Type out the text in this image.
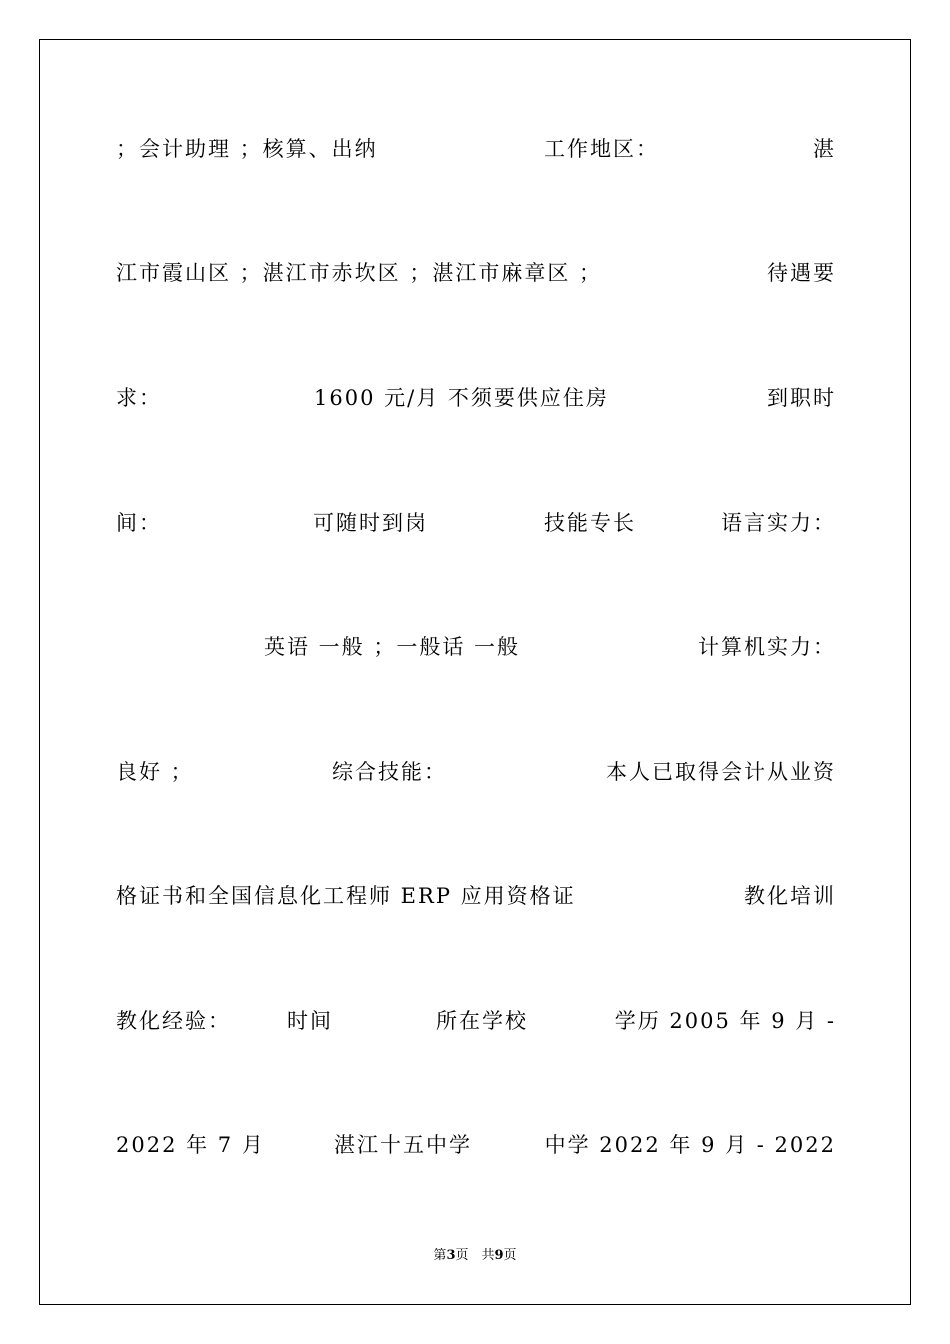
；会计助理 ；核算、出纳	工作地区：	湛
江市霞山区 ；湛江市赤坎区 ；湛江市麻章区 ；	待遇要
求：	1600 元/月 不须要供应住房	到职时
间：	可随时到岗	技能专长	语言实力：
英语 一般 ；一般话 一般	计算机实力：
良好 ；	综合技能：	本人已取得会计从业资
格证书和全国信息化工程师 ERP 应用资格证	教化培训
教化经验：	时间	所在学校	学历 2005 年 9 月 -
2022 年 7 月	湛江十五中学	中学 2022 年 9 月 - 2022
第3页　共9页
